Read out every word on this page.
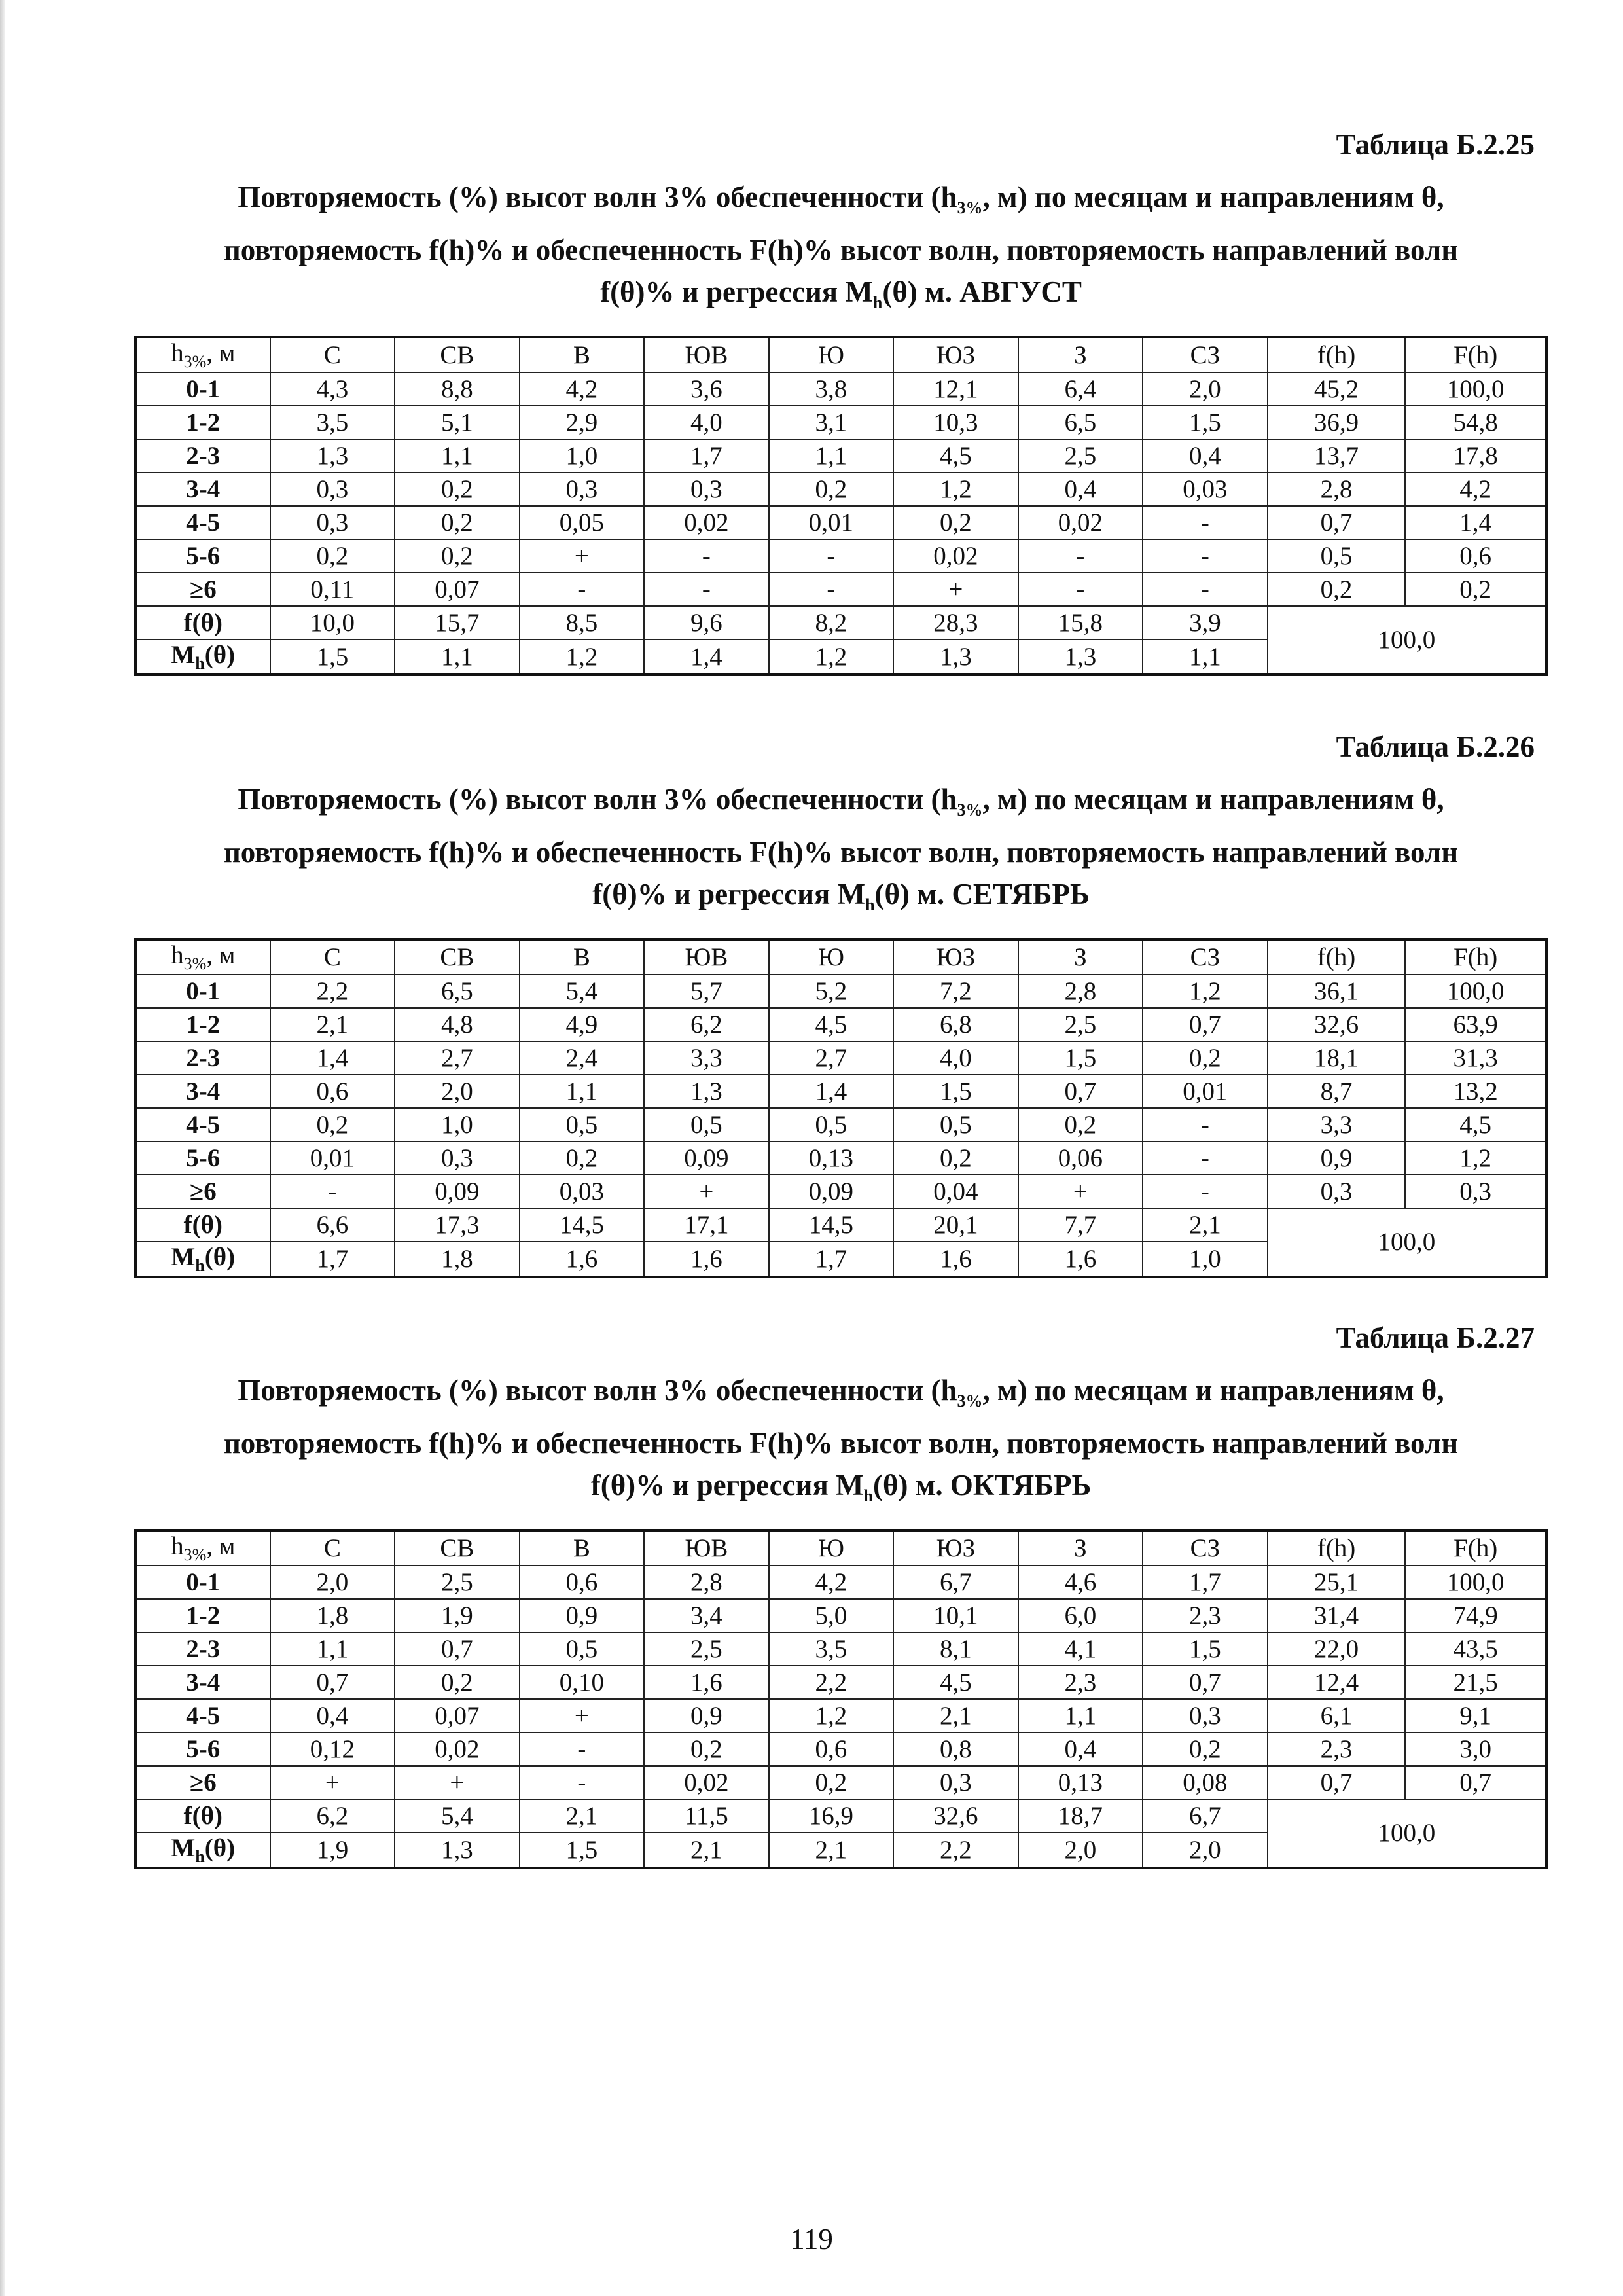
Таблица Б.2.25
Повторяемость (%) высот волн 3% обеспеченности ($h_{3\%}$, м) по месяцам и направлениям θ,
повторяемость f(h)% и обеспеченность F(h)% высот волн, повторяемость направлений волн
f(θ)% и регрессия $M_h(\theta)$ м. АВГУСТ
$h_{3\%}$, м	С	СВ	В	ЮВ	Ю	ЮЗ	З	СЗ	f(h)	F(h)
0-1	4,3	8,8	4,2	3,6	3,8	12,1	6,4	2,0	45,2	100,0
1-2	3,5	5,1	2,9	4,0	3,1	10,3	6,5	1,5	36,9	54,8
2-3	1,3	1,1	1,0	1,7	1,1	4,5	2,5	0,4	13,7	17,8
3-4	0,3	0,2	0,3	0,3	0,2	1,2	0,4	0,03	2,8	4,2
4-5	0,3	0,2	0,05	0,02	0,01	0,2	0,02	-	0,7	1,4
5-6	0,2	0,2	+	-	-	0,02	-	-	0,5	0,6
≥6	0,11	0,07	-	-	-	+	-	-	0,2	0,2
f(θ)	10,0	15,7	8,5	9,6	8,2	28,3	15,8	3,9	100,0	
$M_h(\theta)$	1,5	1,1	1,2	1,4	1,2	1,3	1,3	1,1		
Таблица Б.2.26
Повторяемость (%) высот волн 3% обеспеченности ($h_{3\%}$, м) по месяцам и направлениям θ,
повторяемость f(h)% и обеспеченность F(h)% высот волн, повторяемость направлений волн
f(θ)% и регрессия $M_h(\theta)$ м. СЕТЯБРЬ
$h_{3\%}$, м	С	СВ	В	ЮВ	Ю	ЮЗ	З	СЗ	f(h)	F(h)
0-1	2,2	6,5	5,4	5,7	5,2	7,2	2,8	1,2	36,1	100,0
1-2	2,1	4,8	4,9	6,2	4,5	6,8	2,5	0,7	32,6	63,9
2-3	1,4	2,7	2,4	3,3	2,7	4,0	1,5	0,2	18,1	31,3
3-4	0,6	2,0	1,1	1,3	1,4	1,5	0,7	0,01	8,7	13,2
4-5	0,2	1,0	0,5	0,5	0,5	0,5	0,2	-	3,3	4,5
5-6	0,01	0,3	0,2	0,09	0,13	0,2	0,06	-	0,9	1,2
≥6	-	0,09	0,03	+	0,09	0,04	+	-	0,3	0,3
f(θ)	6,6	17,3	14,5	17,1	14,5	20,1	7,7	2,1	100,0	
$M_h(\theta)$	1,7	1,8	1,6	1,6	1,7	1,6	1,6	1,0		
Таблица Б.2.27
Повторяемость (%) высот волн 3% обеспеченности ($h_{3\%}$, м) по месяцам и направлениям θ,
повторяемость f(h)% и обеспеченность F(h)% высот волн, повторяемость направлений волн
f(θ)% и регрессия $M_h(\theta)$ м. ОКТЯБРЬ
$h_{3\%}$, м	С	СВ	В	ЮВ	Ю	ЮЗ	З	СЗ	f(h)	F(h)
0-1	2,0	2,5	0,6	2,8	4,2	6,7	4,6	1,7	25,1	100,0
1-2	1,8	1,9	0,9	3,4	5,0	10,1	6,0	2,3	31,4	74,9
2-3	1,1	0,7	0,5	2,5	3,5	8,1	4,1	1,5	22,0	43,5
3-4	0,7	0,2	0,10	1,6	2,2	4,5	2,3	0,7	12,4	21,5
4-5	0,4	0,07	+	0,9	1,2	2,1	1,1	0,3	6,1	9,1
5-6	0,12	0,02	-	0,2	0,6	0,8	0,4	0,2	2,3	3,0
≥6	+	+	-	0,02	0,2	0,3	0,13	0,08	0,7	0,7
f(θ)	6,2	5,4	2,1	11,5	16,9	32,6	18,7	6,7	100,0	
$M_h(\theta)$	1,9	1,3	1,5	2,1	2,1	2,2	2,0	2,0		
119
